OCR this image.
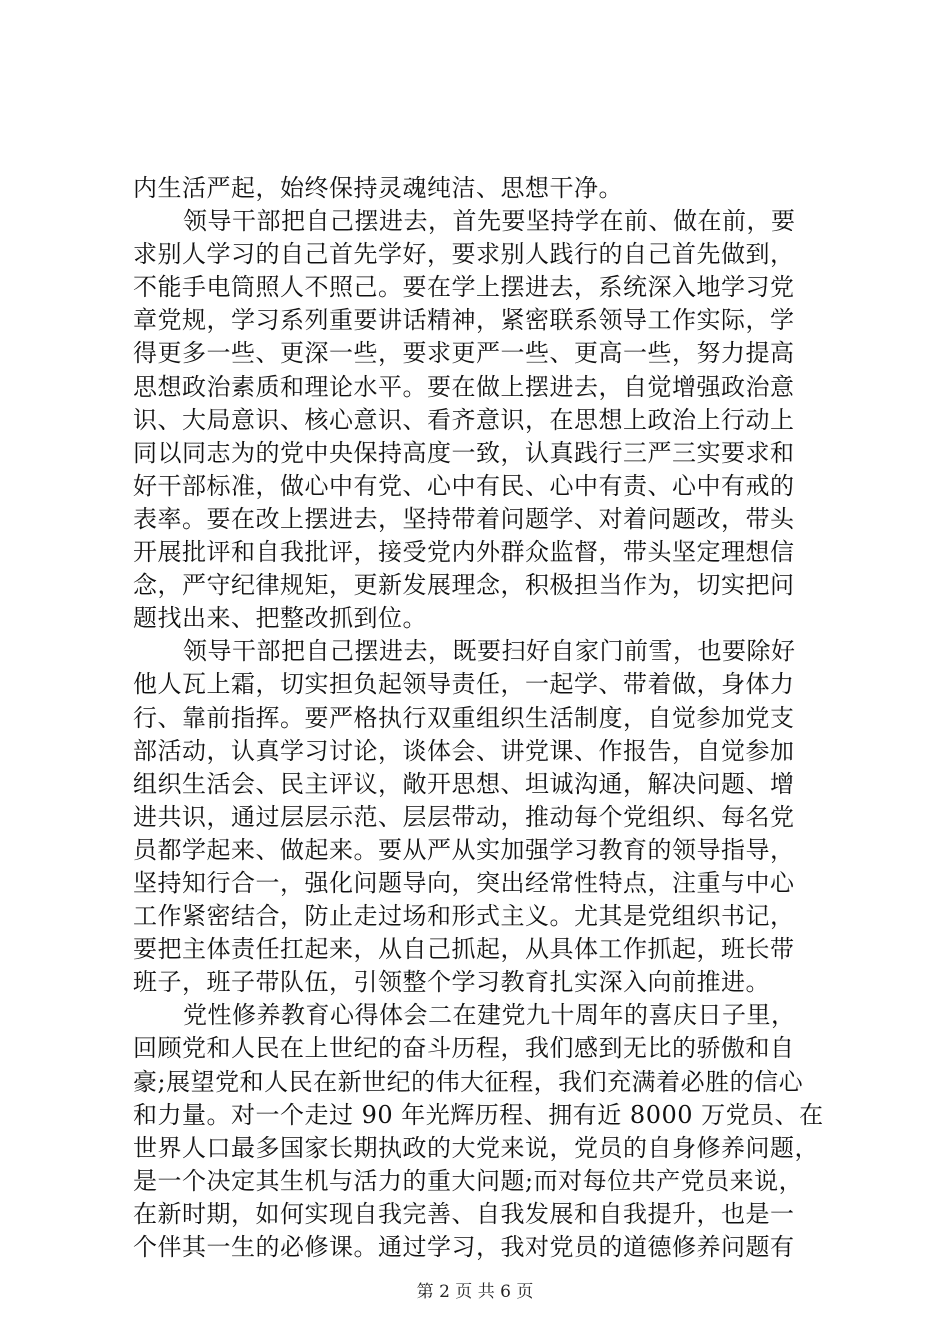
内生活严起，始终保持灵魂纯洁、思想干净。
领导干部把自己摆进去，首先要坚持学在前、做在前，要
求别人学习的自己首先学好，要求别人践行的自己首先做到，
不能手电筒照人不照己。要在学上摆进去，系统深入地学习党
章党规，学习系列重要讲话精神，紧密联系领导工作实际，学
得更多一些、更深一些，要求更严一些、更高一些，努力提高
思想政治素质和理论水平。要在做上摆进去，自觉增强政治意
识、大局意识、核心意识、看齐意识，在思想上政治上行动上
同以同志为的党中央保持高度一致，认真践行三严三实要求和
好干部标准，做心中有党、心中有民、心中有责、心中有戒的
表率。要在改上摆进去，坚持带着问题学、对着问题改，带头
开展批评和自我批评，接受党内外群众监督，带头坚定理想信
念，严守纪律规矩，更新发展理念，积极担当作为，切实把问
题找出来、把整改抓到位。
领导干部把自己摆进去，既要扫好自家门前雪，也要除好
他人瓦上霜，切实担负起领导责任，一起学、带着做，身体力
行、靠前指挥。要严格执行双重组织生活制度，自觉参加党支
部活动，认真学习讨论，谈体会、讲党课、作报告，自觉参加
组织生活会、民主评议，敞开思想、坦诚沟通，解决问题、增
进共识，通过层层示范、层层带动，推动每个党组织、每名党
员都学起来、做起来。要从严从实加强学习教育的领导指导，
坚持知行合一，强化问题导向，突出经常性特点，注重与中心
工作紧密结合，防止走过场和形式主义。尤其是党组织书记，
要把主体责任扛起来，从自己抓起，从具体工作抓起，班长带
班子，班子带队伍，引领整个学习教育扎实深入向前推进。
党性修养教育心得体会二在建党九十周年的喜庆日子里，
回顾党和人民在上世纪的奋斗历程，我们感到无比的骄傲和自
豪;展望党和人民在新世纪的伟大征程，我们充满着必胜的信心
和力量。对一个走过 90 年光辉历程、拥有近 8000 万党员、在
世界人口最多国家长期执政的大党来说，党员的自身修养问题，
是一个决定其生机与活力的重大问题;而对每位共产党员来说，
在新时期，如何实现自我完善、自我发展和自我提升，也是一
个伴其一生的必修课。通过学习，我对党员的道德修养问题有
第 2 页 共 6 页
